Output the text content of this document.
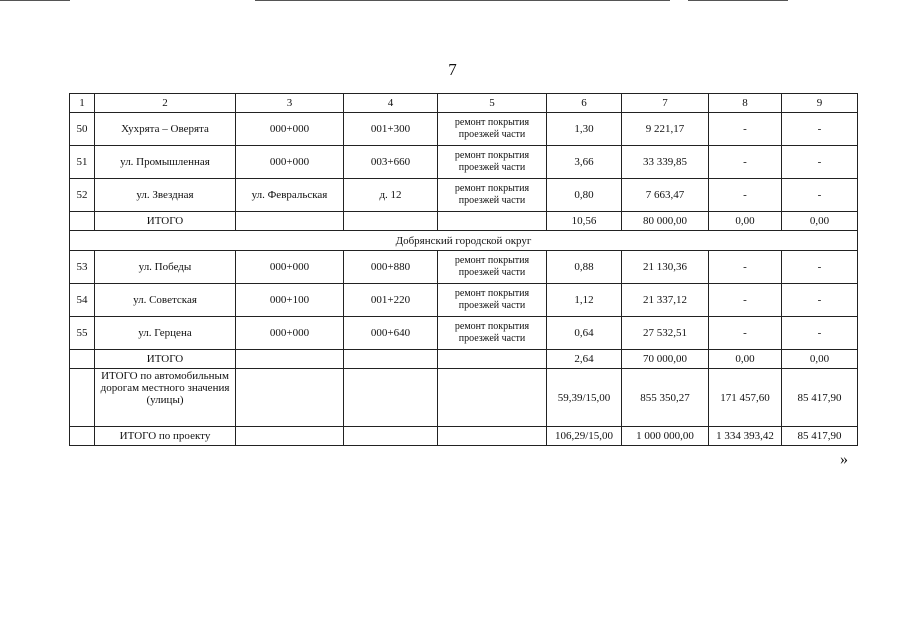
7
1	2	3	4	5	6	7	8	9
50	Хухрята – Оверята	000+000	001+300	ремонт покрытия проезжей части	1,30	9 221,17	-	-
51	ул. Промышленная	000+000	003+660	ремонт покрытия проезжей части	3,66	33 339,85	-	-
52	ул. Звездная	ул. Февральская	д. 12	ремонт покрытия проезжей части	0,80	7 663,47	-	-
	ИТОГО				10,56	80 000,00	0,00	0,00
Добрянский городской округ								
53	ул. Победы	000+000	000+880	ремонт покрытия проезжей части	0,88	21 130,36	-	-
54	ул. Советская	000+100	001+220	ремонт покрытия проезжей части	1,12	21 337,12	-	-
55	ул. Герцена	000+000	000+640	ремонт покрытия проезжей части	0,64	27 532,51	-	-
	ИТОГО				2,64	70 000,00	0,00	0,00
	ИТОГО по автомобильным дорогам местного значения (улицы)				59,39/15,00	855 350,27	171 457,60	85 417,90
	ИТОГО по проекту				106,29/15,00	1 000 000,00	1 334 393,42	85 417,90
»
